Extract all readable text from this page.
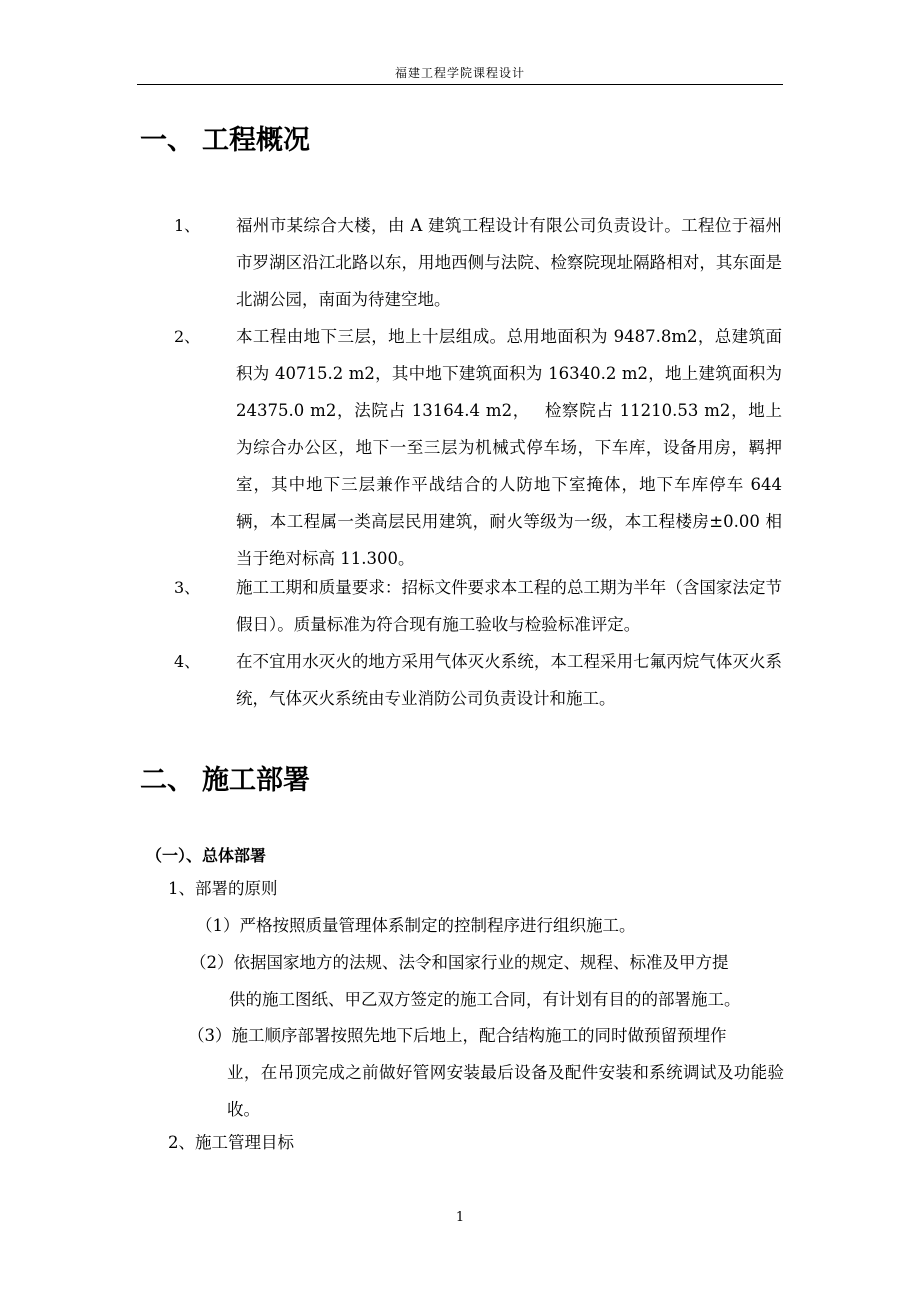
福建工程学院课程设计
一、 工程概况
1、 福州市某综合大楼，由 A 建筑工程设计有限公司负责设计。工程位于福州市罗湖区沿江北路以东，用地西侧与法院、检察院现址隔路相对，其东面是北湖公园，南面为待建空地。
2、 本工程由地下三层，地上十层组成。总用地面积为 9487.8m2，总建筑面积为 40715.2 m2，其中地下建筑面积为 16340.2 m2，地上建筑面积为 24375.0 m2，法院占 13164.4 m2，　 检察院占 11210.53 m2，地上为综合办公区，地下一至三层为机械式停车场，下车库，设备用房，羁押室，其中地下三层兼作平战结合的人防地下室掩体，地下车库停车 644 辆，本工程属一类高层民用建筑，耐火等级为一级，本工程楼房±0.00 相当于绝对标高 11.300。
3、 施工工期和质量要求：招标文件要求本工程的总工期为半年（含国家法定节假日）。质量标准为符合现有施工验收与检验标准评定。
4、 在不宜用水灭火的地方采用气体灭火系统，本工程采用七氟丙烷气体灭火系统，气体灭火系统由专业消防公司负责设计和施工。
二、 施工部署
（一）、总体部署
1、部署的原则
（1）严格按照质量管理体系制定的控制程序进行组织施工。
（2）依据国家地方的法规、法令和国家行业的规定、规程、标准及甲方提
供的施工图纸、甲乙双方签定的施工合同，有计划有目的的部署施工。
（3）施工顺序部署按照先地下后地上，配合结构施工的同时做预留预埋作
业，在吊顶完成之前做好管网安装最后设备及配件安装和系统调试及功能验收。
2、施工管理目标
1
